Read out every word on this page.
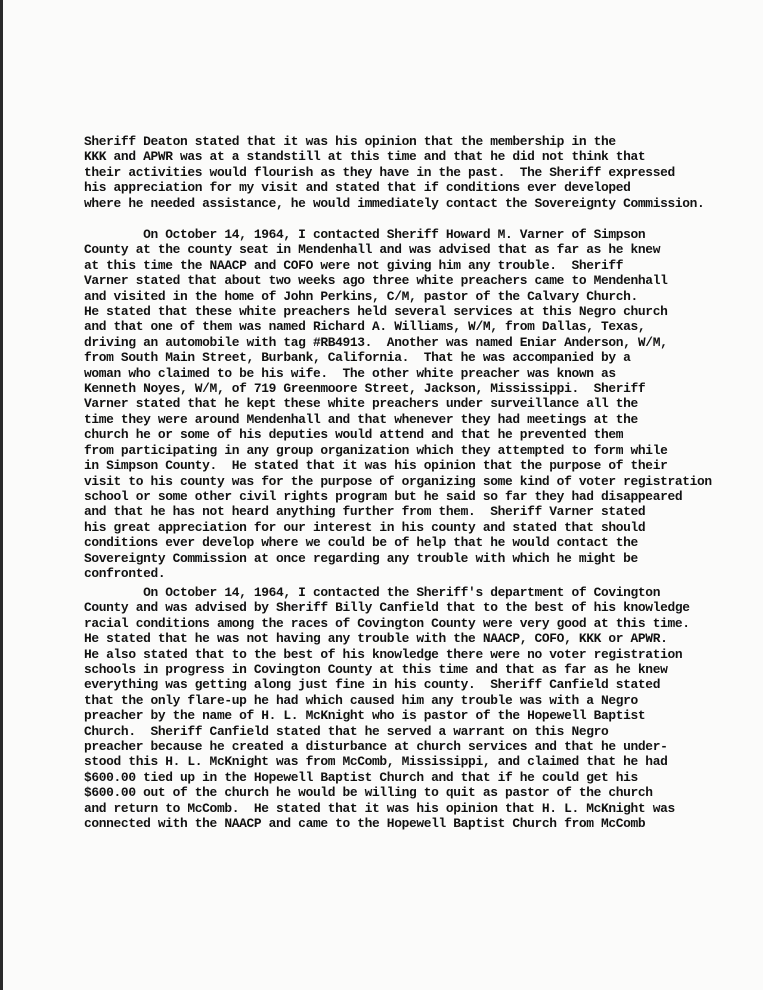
Sheriff Deaton stated that it was his opinion that the membership in the
KKK and APWR was at a standstill at this time and that he did not think that
their activities would flourish as they have in the past.  The Sheriff expressed
his appreciation for my visit and stated that if conditions ever developed
where he needed assistance, he would immediately contact the Sovereignty Commission.
On October 14, 1964, I contacted Sheriff Howard M. Varner of Simpson
County at the county seat in Mendenhall and was advised that as far as he knew
at this time the NAACP and COFO were not giving him any trouble.  Sheriff
Varner stated that about two weeks ago three white preachers came to Mendenhall
and visited in the home of John Perkins, C/M, pastor of the Calvary Church.
He stated that these white preachers held several services at this Negro church
and that one of them was named Richard A. Williams, W/M, from Dallas, Texas,
driving an automobile with tag #RB4913.  Another was named Eniar Anderson, W/M,
from South Main Street, Burbank, California.  That he was accompanied by a
woman who claimed to be his wife.  The other white preacher was known as
Kenneth Noyes, W/M, of 719 Greenmoore Street, Jackson, Mississippi.  Sheriff
Varner stated that he kept these white preachers under surveillance all the
time they were around Mendenhall and that whenever they had meetings at the
church he or some of his deputies would attend and that he prevented them
from participating in any group organization which they attempted to form while
in Simpson County.  He stated that it was his opinion that the purpose of their
visit to his county was for the purpose of organizing some kind of voter registration
school or some other civil rights program but he said so far they had disappeared
and that he has not heard anything further from them.  Sheriff Varner stated
his great appreciation for our interest in his county and stated that should
conditions ever develop where we could be of help that he would contact the
Sovereignty Commission at once regarding any trouble with which he might be
confronted.
On October 14, 1964, I contacted the Sheriff's department of Covington
County and was advised by Sheriff Billy Canfield that to the best of his knowledge
racial conditions among the races of Covington County were very good at this time.
He stated that he was not having any trouble with the NAACP, COFO, KKK or APWR.
He also stated that to the best of his knowledge there were no voter registration
schools in progress in Covington County at this time and that as far as he knew
everything was getting along just fine in his county.  Sheriff Canfield stated
that the only flare-up he had which caused him any trouble was with a Negro
preacher by the name of H. L. McKnight who is pastor of the Hopewell Baptist
Church.  Sheriff Canfield stated that he served a warrant on this Negro
preacher because he created a disturbance at church services and that he under-
stood this H. L. McKnight was from McComb, Mississippi, and claimed that he had
$600.00 tied up in the Hopewell Baptist Church and that if he could get his
$600.00 out of the church he would be willing to quit as pastor of the church
and return to McComb.  He stated that it was his opinion that H. L. McKnight was
connected with the NAACP and came to the Hopewell Baptist Church from McComb
